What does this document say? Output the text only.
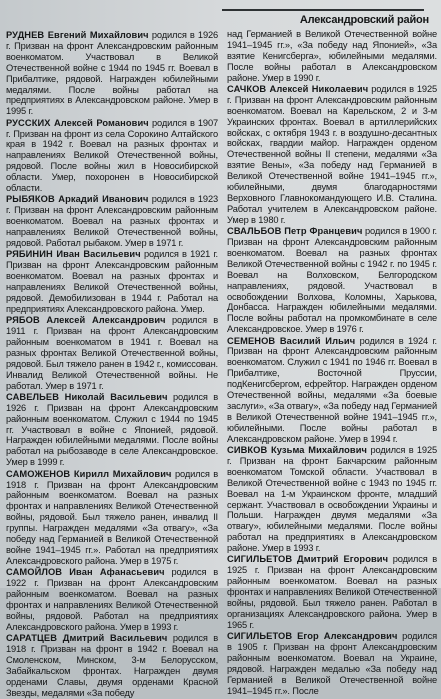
Александровский район

РУДНЕВ Евгений Михайлович родился в 1926 г. Призван на фронт Александровским районным военкоматом. Участвовал в Великой Отечественной войне с 1944 по 1945 гг. Воевал в Прибалтике, рядовой. Награжден юбилейными медалями. После войны работал на предприятиях в Александровском районе. Умер в 1995 г.

РУССКИХ Алексей Романович родился в 1907 г. Призван на фронт из села Сорокино Алтайского края в 1942 г. Воевал на разных фронтах и направлениях Великой Отечественной войны, рядовой. После войны жил в Новосибирской области. Умер, похоронен в Новосибирской области.

РЫБЯКОВ Аркадий Иванович родился в 1923 г. Призван на фронт Александровским районным военкоматом. Воевал на разных фронтах и направлениях Великой Отечественной войны, рядовой. Работал рыбаком. Умер в 1971 г.

РЯБИНИН Иван Васильевич родился в 1921 г. Призван на фронт Александровским районным военкоматом. Воевал на разных фронтах и направлениях Великой Отечественной войны, рядовой. Демобилизован в 1944 г. Работал на предприятиях Александровского района. Умер.

РЯБОВ Алексей Александрович родился в 1911 г. Призван на фронт Александровским районным военкоматом в 1941 г. Воевал на разных фронтах Великой Отечественной войны, рядовой. Был тяжело ранен в 1942 г., комиссован. Инвалид Великой Отечественной войны. Не работал. Умер в 1971 г.

САВЕЛЬЕВ Николай Васильевич родился в 1926 г. Призван на фронт Александровским районным военкоматом. Служил с 1944 по 1945 гг. Участвовал в войне с Японией, рядовой. Награжден юбилейными медалями. После войны работал на рыбозаводе в селе Александровское. Умер в 1999 г.

САМОЖЕНОВ Кирилл Михайлович родился в 1918 г. Призван на фронт Александровским районным военкоматом. Воевал на разных фронтах и направлениях Великой Отечественной войны, рядовой. Был тяжело ранен, инвалид II группы. Награжден медалями «За отвагу», «За победу над Германией в Великой Отечественной войне 1941–1945 гг.». Работал на предприятиях Александровского района. Умер в 1975 г.

САМОЙЛОВ Иван Афанасьевич родился в 1922 г. Призван на фронт Александровским районным военкоматом. Воевал на разных фронтах и направлениях Великой Отечественной войны, рядовой. Работал на предприятиях Александровского района. Умер в 1993 г.

САРАТЦЕВ Дмитрий Васильевич родился в 1918 г. Призван на фронт в 1942 г. Воевал на Смоленском, Минском, 3-м Белорусском, Забайкальском фронтах. Награжден двумя орденами Славы, двумя орденами Красной Звезды, медалями «За победу

над Германией в Великой Отечественной войне 1941–1945 гг.», «За победу над Японией», «За взятие Кенигсберга», юбилейными медалями. После войны работал в Александровском районе. Умер в 1990 г.

САЧКОВ Алексей Николаевич родился в 1925 г. Призван на фронт Александровским районным военкоматом. Воевал на Карельском, 2 и 3-м Украинских фронтах. Воевал в артиллерийских войсках, с октября 1943 г. в воздушно-десантных войсках, гвардии майор. Награжден орденом Отечественной войны II степени, медалями «За взятие Вены», «За победу над Германией в Великой Отечественной войне 1941–1945 гг.», юбилейными, двумя благодарностями Верховного Главнокомандующего И.В. Сталина. Работал учителем в Александровском районе. Умер в 1980 г.

СВАЛЬБОВ Петр Францевич родился в 1900 г. Призван на фронт Александровским районным военкоматом. Воевал на разных фронтах Великой Отечественной войны с 1942 г. по 1945 г. Воевал на Волховском, Белгородском направлениях, рядовой. Участвовал в освобождении Волхова, Коломны, Харькова, Донбасса. Награжден юбилейными медалями. После войны работал на промкомбинате в селе Александровское. Умер в 1976 г.

СЕМЕНОВ Василий Ильич родился в 1924 г. Призван на фронт Александровским районным военкоматом. Служил с 1941 по 1946 гг. Воевал в Прибалтике, Восточной Пруссии, подКенигсбергом, ефрейтор. Награжден орденом Отечественной войны, медалями «За боевые заслуги», «За отвагу», «За победу над Германией в Великой Отечественной войне 1941–1945 гг.», юбилейными. После войны работал в Александровском районе. Умер в 1994 г.

СИВКОВ Кузьма Михайлович родился в 1925 г. Призван на фронт Бакчарским районным военкоматом Томской области. Участвовал в Великой Отечественной войне с 1943 по 1945 гг. Воевал на 1-м Украинском фронте, младший сержант. Участвовал в освобождении Украины и Польши. Награжден двумя медалями «За отвагу», юбилейными медалями. После войны работал на предприятиях в Александровском районе. Умер в 1993 г.

СИГИЛЬЕТОВ Дмитрий Егорович родился в 1925 г. Призван на фронт Александровским районным военкоматом. Воевал на разных фронтах и направлениях Великой Отечественной войны, рядовой. Был тяжело ранен. Работал в организациях Александровского района. Умер в 1965 г.

СИГИЛЬЕТОВ Егор Александрович родился в 1905 г. Призван на фронт Александровским районным военкоматом. Воевал на Украине, рядовой. Награжден медалью «За победу над Германией в Великой Отечественной войне 1941–1945 гг.». После
